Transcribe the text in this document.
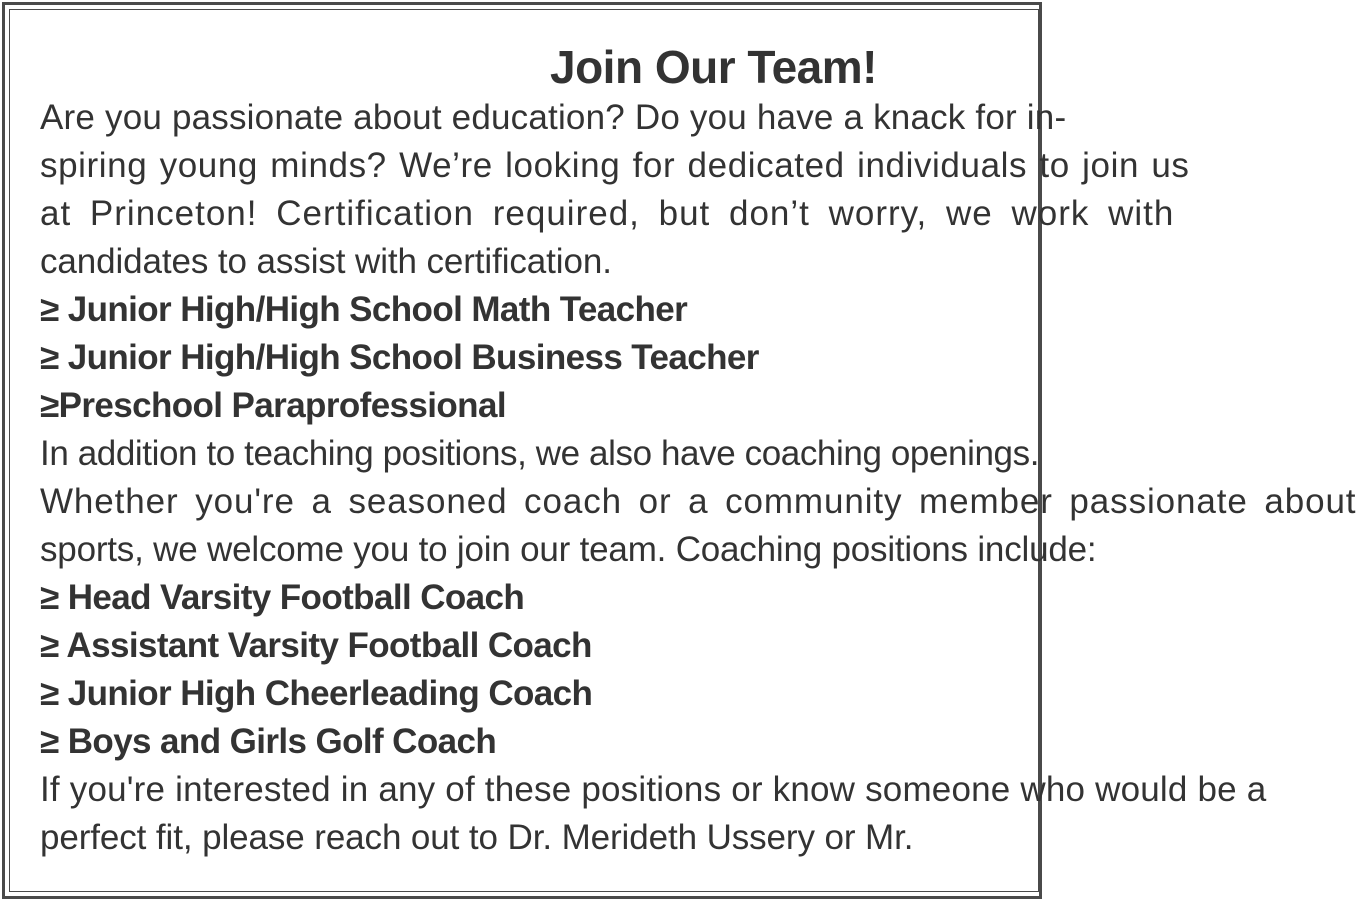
Join Our Team!
Are you passionate about education? Do you have a knack for in-
spiring young minds? We’re looking for dedicated individuals to join us
at Princeton! Certification required, but don’t worry, we work with
candidates to assist with certification.
≥ Junior High/High School Math Teacher
≥ Junior High/High School Business Teacher
≥Preschool Paraprofessional
In addition to teaching positions, we also have coaching openings.
Whether you're a seasoned coach or a community member passionate about
sports, we welcome you to join our team. Coaching positions include:
≥ Head Varsity Football Coach
≥ Assistant Varsity Football Coach
≥ Junior High Cheerleading Coach
≥ Boys and Girls Golf Coach
If you're interested in any of these positions or know someone who would be a
perfect fit, please reach out to Dr. Merideth Ussery or Mr.
